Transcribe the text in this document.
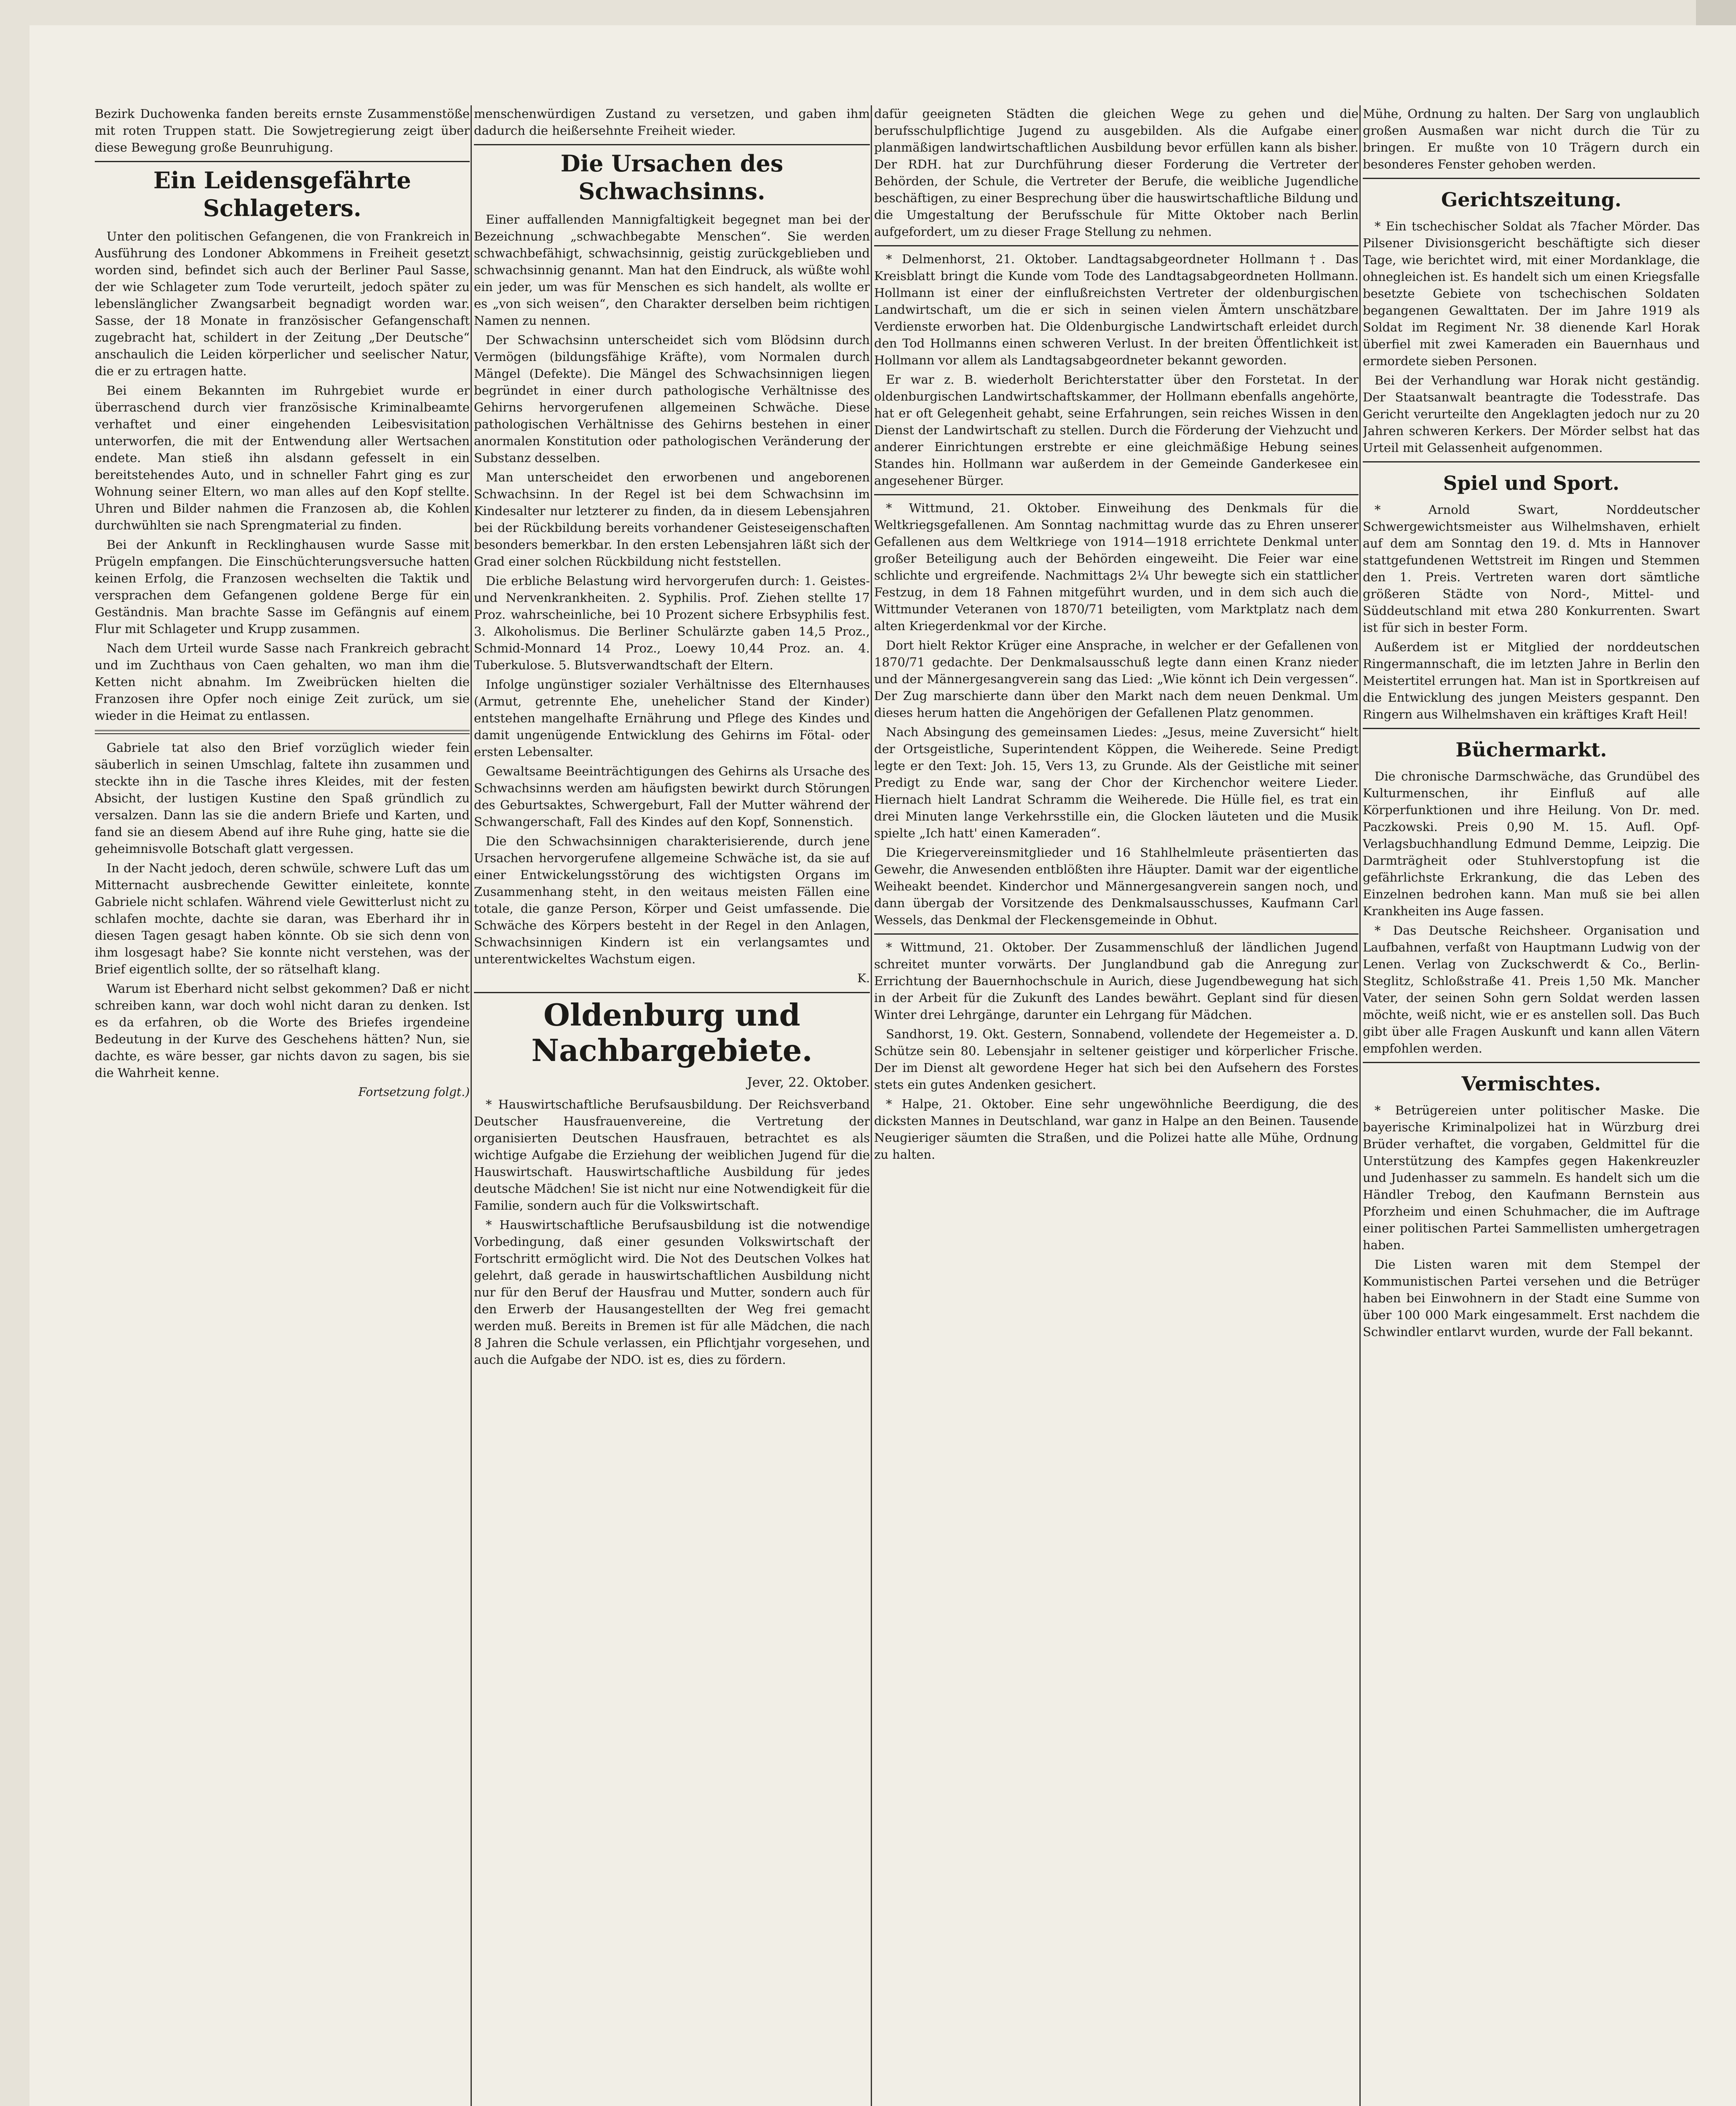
Bezirk Duchowenka fanden bereits ernste Zusammenstöße mit roten Truppen statt. Die Sowjetregierung zeigt über diese Bewegung große Beunruhigung.

Ein Leidensgefährte Schlageters.

Unter den politischen Gefangenen, die von Frankreich in Ausführung des Londoner Abkommens in Freiheit gesetzt worden sind, befindet sich auch der Berliner Paul Sasse, der wie Schlageter zum Tode verurteilt, jedoch später zu lebenslänglicher Zwangsarbeit begnadigt worden war. Sasse, der 18 Monate in französischer Gefangenschaft zugebracht hat, schildert in der Zeitung „Der Deutsche“ anschaulich die Leiden körperlicher und seelischer Natur, die er zu ertragen hatte.

Bei einem Bekannten im Ruhrgebiet wurde er überraschend durch vier französische Kriminalbeamte verhaftet und einer eingehenden Leibesvisitation unterworfen, die mit der Entwendung aller Wertsachen endete. Man stieß ihn alsdann gefesselt in ein bereitstehendes Auto, und in schneller Fahrt ging es zur Wohnung seiner Eltern, wo man alles auf den Kopf stellte. Uhren und Bilder nahmen die Franzosen ab, die Kohlen durchwühlten sie nach Sprengmaterial zu finden.

Bei der Ankunft in Recklinghausen wurde Sasse mit Prügeln empfangen. Die Einschüchterungsversuche hatten keinen Erfolg, die Franzosen wechselten die Taktik und versprachen dem Gefangenen goldene Berge für ein Geständnis. Man brachte Sasse im Gefängnis auf einem Flur mit Schlageter und Krupp zusammen.

Nach dem Urteil wurde Sasse nach Frankreich gebracht und im Zuchthaus von Caen gehalten, wo man ihm die Ketten nicht abnahm. Im Zweibrücken hielten die Franzosen ihre Opfer noch einige Zeit zurück, um sie wieder in die Heimat zu entlassen.

Gabriele tat also den Brief vorzüglich wieder fein säuberlich in seinen Umschlag, faltete ihn zusammen und steckte ihn in die Tasche ihres Kleides, mit der festen Absicht, der lustigen Kustine den Spaß gründlich zu versalzen. Dann las sie die andern Briefe und Karten, und fand sie an diesem Abend auf ihre Ruhe ging, hatte sie die geheimnisvolle Botschaft glatt vergessen.

In der Nacht jedoch, deren schwüle, schwere Luft das um Mitternacht ausbrechende Gewitter einleitete, konnte Gabriele nicht schlafen. Während viele Gewitterlust nicht zu schlafen mochte, dachte sie daran, was Eberhard ihr in diesen Tagen gesagt haben könnte. Ob sie sich denn von ihm losgesagt habe? Sie konnte nicht verstehen, was der Brief eigentlich sollte, der so rätselhaft klang.

Warum ist Eberhard nicht selbst gekommen? Daß er nicht schreiben kann, war doch wohl nicht daran zu denken. Ist es da erfahren, ob die Worte des Briefes irgendeine Bedeutung in der Kurve des Geschehens hätten? Nun, sie dachte, es wäre besser, gar nichts davon zu sagen, bis sie die Wahrheit kenne.

Fortsetzung folgt.)

menschenwürdigen Zustand zu versetzen, und gaben ihm dadurch die heißersehnte Freiheit wieder.

Die Ursachen des Schwachsinns.

Einer auffallenden Mannigfaltigkeit begegnet man bei der Bezeichnung „schwachbegabte Menschen“. Sie werden schwachbefähigt, schwachsinnig, geistig zurückgeblieben und schwachsinnig genannt. Man hat den Eindruck, als wüßte wohl ein jeder, um was für Menschen es sich handelt, als wollte er es „von sich weisen“, den Charakter derselben beim richtigen Namen zu nennen.

Der Schwachsinn unterscheidet sich vom Blödsinn durch Vermögen (bildungsfähige Kräfte), vom Normalen durch Mängel (Defekte). Die Mängel des Schwachsinnigen liegen begründet in einer durch pathologische Verhältnisse des Gehirns hervorgerufenen allgemeinen Schwäche. Diese pathologischen Verhältnisse des Gehirns bestehen in einer anormalen Konstitution oder pathologischen Veränderung der Substanz desselben.

Man unterscheidet den erworbenen und angeborenen Schwachsinn. In der Regel ist bei dem Schwachsinn im Kindesalter nur letzterer zu finden, da in diesem Lebensjahren bei der Rückbildung bereits vorhandener Geisteseigenschaften besonders bemerkbar. In den ersten Lebensjahren läßt sich der Grad einer solchen Rückbildung nicht feststellen.

Die erbliche Belastung wird hervorgerufen durch: 1. Geistes- und Nervenkrankheiten. 2. Syphilis. Prof. Ziehen stellte 17 Proz. wahrscheinliche, bei 10 Prozent sichere Erbsyphilis fest. 3. Alkoholismus. Die Berliner Schulärzte gaben 14,5 Proz., Schmid-Monnard 14 Proz., Loewy 10,44 Proz. an. 4. Tuberkulose. 5. Blutsverwandtschaft der Eltern.

Infolge ungünstiger sozialer Verhältnisse des Elternhauses (Armut, getrennte Ehe, unehelicher Stand der Kinder) entstehen mangelhafte Ernährung und Pflege des Kindes und damit ungenügende Entwicklung des Gehirns im Fötal- oder ersten Lebensalter.

Gewaltsame Beeinträchtigungen des Gehirns als Ursache des Schwachsinns werden am häufigsten bewirkt durch Störungen des Geburtsaktes, Schwergeburt, Fall der Mutter während der Schwangerschaft, Fall des Kindes auf den Kopf, Sonnenstich.

Die den Schwachsinnigen charakterisierende, durch jene Ursachen hervorgerufene allgemeine Schwäche ist, da sie auf einer Entwickelungsstörung des wichtigsten Organs im Zusammenhang steht, in den weitaus meisten Fällen eine totale, die ganze Person, Körper und Geist umfassende. Die Schwäche des Körpers besteht in der Regel in den Anlagen, Schwachsinnigen Kindern ist ein verlangsamtes und unterentwickeltes Wachstum eigen.

K.
Oldenburg und Nachbargebiete.
Jever, 22. Oktober.

* Hauswirtschaftliche Berufsausbildung. Der Reichsverband Deutscher Hausfrauenvereine, die Vertretung der organisierten Deutschen Hausfrauen, betrachtet es als wichtige Aufgabe die Erziehung der weiblichen Jugend für die Hauswirtschaft. Hauswirtschaftliche Ausbildung für jedes deutsche Mädchen! Sie ist nicht nur eine Notwendigkeit für die Familie, sondern auch für die Volkswirtschaft.

* Hauswirtschaftliche Berufsausbildung ist die notwendige Vorbedingung, daß einer gesunden Volkswirtschaft der Fortschritt ermöglicht wird. Die Not des Deutschen Volkes hat gelehrt, daß gerade in hauswirtschaftlichen Ausbildung nicht nur für den Beruf der Hausfrau und Mutter, sondern auch für den Erwerb der Hausangestellten der Weg frei gemacht werden muß. Bereits in Bremen ist für alle Mädchen, die nach 8 Jahren die Schule verlassen, ein Pflichtjahr vorgesehen, und auch die Aufgabe der NDO. ist es, dies zu fördern.

dafür geeigneten Städten die gleichen Wege zu gehen und die berufsschulpflichtige Jugend zu ausgebilden. Als die Aufgabe einer planmäßigen landwirtschaftlichen Ausbildung bevor erfüllen kann als bisher. Der RDH. hat zur Durchführung dieser Forderung die Vertreter der Behörden, der Schule, die Vertreter der Berufe, die weibliche Jugendliche beschäftigen, zu einer Besprechung über die hauswirtschaftliche Bildung und die Umgestaltung der Berufsschule für Mitte Oktober nach Berlin aufgefordert, um zu dieser Frage Stellung zu nehmen.

* Delmenhorst, 21. Oktober. Landtagsabgeordneter Hollmann †. Das Kreisblatt bringt die Kunde vom Tode des Landtagsabgeordneten Hollmann. Hollmann ist einer der einflußreichsten Vertreter der oldenburgischen Landwirtschaft, um die er sich in seinen vielen Ämtern unschätzbare Verdienste erworben hat. Die Oldenburgische Landwirtschaft erleidet durch den Tod Hollmanns einen schweren Verlust. In der breiten Öffentlichkeit ist Hollmann vor allem als Landtagsabgeordneter bekannt geworden.

Er war z. B. wiederholt Berichterstatter über den Forstetat. In der oldenburgischen Landwirtschaftskammer, der Hollmann ebenfalls angehörte, hat er oft Gelegenheit gehabt, seine Erfahrungen, sein reiches Wissen in den Dienst der Landwirtschaft zu stellen. Durch die Förderung der Viehzucht und anderer Einrichtungen erstrebte er eine gleichmäßige Hebung seines Standes hin. Hollmann war außerdem in der Gemeinde Ganderkesee ein angesehener Bürger.

* Wittmund, 21. Oktober. Einweihung des Denkmals für die Weltkriegsgefallenen. Am Sonntag nachmittag wurde das zu Ehren unserer Gefallenen aus dem Weltkriege von 1914—1918 errichtete Denkmal unter großer Beteiligung auch der Behörden eingeweiht. Die Feier war eine schlichte und ergreifende. Nachmittags 2¼ Uhr bewegte sich ein stattlicher Festzug, in dem 18 Fahnen mitgeführt wurden, und in dem sich auch die Wittmunder Veteranen von 1870/71 beteiligten, vom Marktplatz nach dem alten Kriegerdenkmal vor der Kirche.

Dort hielt Rektor Krüger eine Ansprache, in welcher er der Gefallenen von 1870/71 gedachte. Der Denkmalsausschuß legte dann einen Kranz nieder und der Männergesangverein sang das Lied: „Wie könnt ich Dein vergessen“. Der Zug marschierte dann über den Markt nach dem neuen Denkmal. Um dieses herum hatten die Angehörigen der Gefallenen Platz genommen.

Nach Absingung des gemeinsamen Liedes: „Jesus, meine Zuversicht“ hielt der Ortsgeistliche, Superintendent Köppen, die Weiherede. Seine Predigt legte er den Text: Joh. 15, Vers 13, zu Grunde. Als der Geistliche mit seiner Predigt zu Ende war, sang der Chor der Kirchenchor weitere Lieder. Hiernach hielt Landrat Schramm die Weiherede. Die Hülle fiel, es trat ein drei Minuten lange Verkehrsstille ein, die Glocken läuteten und die Musik spielte „Ich hatt' einen Kameraden“.

Die Kriegervereinsmitglieder und 16 Stahlhelmleute präsentierten das Gewehr, die Anwesenden entblößten ihre Häupter. Damit war der eigentliche Weiheakt beendet. Kinderchor und Männergesangverein sangen noch, und dann übergab der Vorsitzende des Denkmalsausschusses, Kaufmann Carl Wessels, das Denkmal der Fleckensgemeinde in Obhut.

* Wittmund, 21. Oktober. Der Zusammenschluß der ländlichen Jugend schreitet munter vorwärts. Der Junglandbund gab die Anregung zur Errichtung der Bauernhochschule in Aurich, diese Jugendbewegung hat sich in der Arbeit für die Zukunft des Landes bewährt. Geplant sind für diesen Winter drei Lehrgänge, darunter ein Lehrgang für Mädchen.

Sandhorst, 19. Okt. Gestern, Sonnabend, vollendete der Hegemeister a. D. Schütze sein 80. Lebensjahr in seltener geistiger und körperlicher Frische. Der im Dienst alt gewordene Heger hat sich bei den Aufsehern des Forstes stets ein gutes Andenken gesichert.

* Halpe, 21. Oktober. Eine sehr ungewöhnliche Beerdigung, die des dicksten Mannes in Deutschland, war ganz in Halpe an den Beinen. Tausende Neugieriger säumten die Straßen, und die Polizei hatte alle Mühe, Ordnung zu halten.

Mühe, Ordnung zu halten. Der Sarg von unglaublich großen Ausmaßen war nicht durch die Tür zu bringen. Er mußte von 10 Trägern durch ein besonderes Fenster gehoben werden.

Gerichtszeitung.

* Ein tschechischer Soldat als 7facher Mörder. Das Pilsener Divisionsgericht beschäftigte sich dieser Tage, wie berichtet wird, mit einer Mordanklage, die ohnegleichen ist. Es handelt sich um einen Kriegsfalle besetzte Gebiete von tschechischen Soldaten begangenen Gewalttaten. Der im Jahre 1919 als Soldat im Regiment Nr. 38 dienende Karl Horak überfiel mit zwei Kameraden ein Bauernhaus und ermordete sieben Personen.

Bei der Verhandlung war Horak nicht geständig. Der Staatsanwalt beantragte die Todesstrafe. Das Gericht verurteilte den Angeklagten jedoch nur zu 20 Jahren schweren Kerkers. Der Mörder selbst hat das Urteil mit Gelassenheit aufgenommen.

Spiel und Sport.

* Arnold Swart, Norddeutscher Schwergewichtsmeister aus Wilhelmshaven, erhielt auf dem am Sonntag den 19. d. Mts in Hannover stattgefundenen Wettstreit im Ringen und Stemmen den 1. Preis. Vertreten waren dort sämtliche größeren Städte von Nord-, Mittel- und Süddeutschland mit etwa 280 Konkurrenten. Swart ist für sich in bester Form.

Außerdem ist er Mitglied der norddeutschen Ringermannschaft, die im letzten Jahre in Berlin den Meistertitel errungen hat. Man ist in Sportkreisen auf die Entwicklung des jungen Meisters gespannt. Den Ringern aus Wilhelmshaven ein kräftiges Kraft Heil!

Büchermarkt.

Die chronische Darmschwäche, das Grundübel des Kulturmenschen, ihr Einfluß auf alle Körperfunktionen und ihre Heilung. Von Dr. med. Paczkowski. Preis 0,90 M. 15. Aufl. Opf-Verlagsbuchhandlung Edmund Demme, Leipzig. Die Darmträgheit oder Stuhlverstopfung ist die gefährlichste Erkrankung, die das Leben des Einzelnen bedrohen kann. Man muß sie bei allen Krankheiten ins Auge fassen.

* Das Deutsche Reichsheer. Organisation und Laufbahnen, verfaßt von Hauptmann Ludwig von der Lenen. Verlag von Zuckschwerdt & Co., Berlin-Steglitz, Schloßstraße 41. Preis 1,50 Mk. Mancher Vater, der seinen Sohn gern Soldat werden lassen möchte, weiß nicht, wie er es anstellen soll. Das Buch gibt über alle Fragen Auskunft und kann allen Vätern empfohlen werden.

Vermischtes.

* Betrügereien unter politischer Maske. Die bayerische Kriminalpolizei hat in Würzburg drei Brüder verhaftet, die vorgaben, Geldmittel für die Unterstützung des Kampfes gegen Hakenkreuzler und Judenhasser zu sammeln. Es handelt sich um die Händler Trebog, den Kaufmann Bernstein aus Pforzheim und einen Schuhmacher, die im Auftrage einer politischen Partei Sammellisten umhergetragen haben.

Die Listen waren mit dem Stempel der Kommunistischen Partei versehen und die Betrüger haben bei Einwohnern in der Stadt eine Summe von über 100 000 Mark eingesammelt. Erst nachdem die Schwindler entlarvt wurden, wurde der Fall bekannt.
